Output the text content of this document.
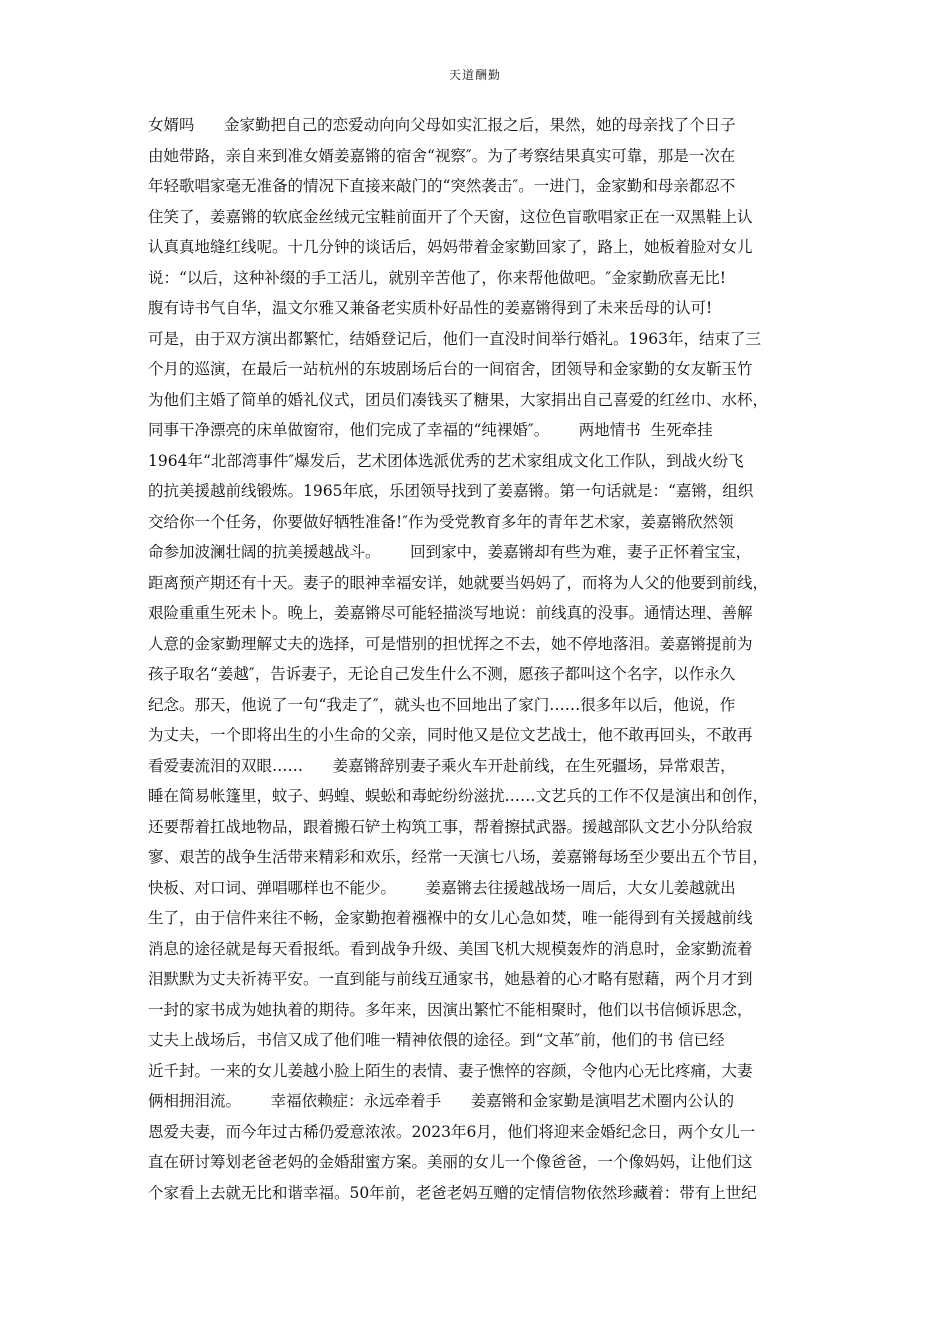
天道酬勤
女婿吗      金家勤把自己的恋爱动向向父母如实汇报之后，果然，她的母亲找了个日子
由她带路，亲自来到准女婿姜嘉锵的宿舍“视察″。为了考察结果真实可靠，那是一次在
年轻歌唱家毫无准备的情况下直接来敲门的“突然袭击″。一进门，金家勤和母亲都忍不
住笑了，姜嘉锵的软底金丝绒元宝鞋前面开了个天窗，这位色盲歌唱家正在一双黑鞋上认
认真真地缝红线呢。十几分钟的谈话后，妈妈带着金家勤回家了，路上，她板着脸对女儿
说：“以后，这种补缀的手工活儿，就别辛苦他了，你来帮他做吧。″金家勤欣喜无比!
腹有诗书气自华，温文尔雅又兼备老实质朴好品性的姜嘉锵得到了未来岳母的认可!
可是，由于双方演出都繁忙，结婚登记后，他们一直没时间举行婚礼。1963年，结束了三
个月的巡演，在最后一站杭州的东坡剧场后台的一间宿舍，团领导和金家勤的女友靳玉竹
为他们主婚了简单的婚礼仪式，团员们凑钱买了糖果，大家捐出自己喜爱的红丝巾、水杯，
同事干净漂亮的床单做窗帘，他们完成了幸福的“纯裸婚″。      两地情书  生死牵挂
1964年“北部湾事件″爆发后，艺术团体选派优秀的艺术家组成文化工作队，到战火纷飞
的抗美援越前线锻炼。1965年底，乐团领导找到了姜嘉锵。第一句话就是：“嘉锵，组织
交给你一个任务，你要做好牺牲准备!″作为受党教育多年的青年艺术家，姜嘉锵欣然领
命参加波澜壮阔的抗美援越战斗。      回到家中，姜嘉锵却有些为难，妻子正怀着宝宝，
距离预产期还有十天。妻子的眼神幸福安详，她就要当妈妈了，而将为人父的他要到前线，
艰险重重生死未卜。晚上，姜嘉锵尽可能轻描淡写地说：前线真的没事。通情达理、善解
人意的金家勤理解丈夫的选择，可是惜别的担忧挥之不去，她不停地落泪。姜嘉锵提前为
孩子取名“姜越″，告诉妻子，无论自己发生什么不测，愿孩子都叫这个名字，以作永久
纪念。那天，他说了一句“我走了″，就头也不回地出了家门……很多年以后，他说，作
为丈夫，一个即将出生的小生命的父亲，同时他又是位文艺战士，他不敢再回头，不敢再
看爱妻流泪的双眼……      姜嘉锵辞别妻子乘火车开赴前线，在生死疆场，异常艰苦，
睡在简易帐篷里，蚊子、蚂蝗、蜈蚣和毒蛇纷纷滋扰……文艺兵的工作不仅是演出和创作，
还要帮着扛战地物品，跟着搬石铲土构筑工事，帮着擦拭武器。援越部队文艺小分队给寂
寥、艰苦的战争生活带来精彩和欢乐，经常一天演七八场，姜嘉锵每场至少要出五个节目，
快板、对口词、弹唱哪样也不能少。      姜嘉锵去往援越战场一周后，大女儿姜越就出
生了，由于信件来往不畅，金家勤抱着襁褓中的女儿心急如焚，唯一能得到有关援越前线
消息的途径就是每天看报纸。看到战争升级、美国飞机大规模轰炸的消息时，金家勤流着
泪默默为丈夫祈祷平安。一直到能与前线互通家书，她悬着的心才略有慰藉，两个月才到
一封的家书成为她执着的期待。多年来，因演出繁忙不能相聚时，他们以书信倾诉思念，
丈夫上战场后，书信又成了他们唯一精神依偎的途径。到“文革″前，他们的书 信已经
近千封。一来的女儿姜越小脸上陌生的表情、妻子憔悴的容颜，令他内心无比疼痛，大妻
俩相拥泪流。      幸福依赖症：永远牵着手      姜嘉锵和金家勤是演唱艺术圈内公认的
恩爱夫妻，而今年过古稀仍爱意浓浓。2023年6月，他们将迎来金婚纪念日，两个女儿一
直在研讨筹划老爸老妈的金婚甜蜜方案。美丽的女儿一个像爸爸，一个像妈妈，让他们这
个家看上去就无比和谐幸福。50年前，老爸老妈互赠的定情信物依然珍藏着：带有上世纪
